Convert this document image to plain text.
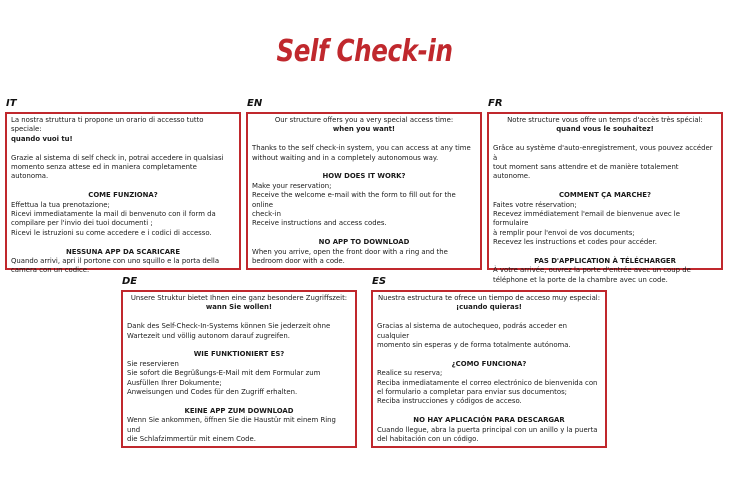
Self Check-in
IT

La nostra struttura ti propone un orario di accesso tutto speciale:

quando vuoi tu!

Grazie al sistema di self check in, potrai accedere in qualsiasi

momento senza attese ed in maniera completamente autonoma.

COME FUNZIONA?

Effettua la tua prenotazione;

Ricevi immediatamente la mail di benvenuto con il form da

compilare per l'invio dei tuoi documenti ;

Ricevi le istruzioni su come accedere e i codici di accesso.

NESSUNA APP DA SCARICARE

Quando arrivi, apri il portone con uno squillo e la porta della

camera con un codice.

EN

Our structure offers you a very special access time:

when you want!

Thanks to the self check-in system, you can access at any time

without waiting and in a completely autonomous way.

HOW DOES IT WORK?

Make your reservation;

Receive the welcome e-mail with the form to fill out for the online

check-in

Receive instructions and access codes.

NO APP TO DOWNLOAD

When you arrive, open the front door with a ring and the

bedroom door with a code.

FR

Notre structure vous offre un temps d'accès très spécial:

quand vous le souhaitez!

Grâce au système d'auto-enregistrement, vous pouvez accéder à

tout moment sans attendre et de manière totalement autonome.

COMMENT ÇA MARCHE?

Faites votre réservation;

Recevez immédiatement l'email de bienvenue avec le formulaire

à remplir pour l'envoi de vos documents;

Recevez les instructions et codes pour accéder.

PAS D'APPLICATION À TÉLÉCHARGER

À votre arrivée, ouvrez la porte d'entrée avec un coup de

téléphone et la porte de la chambre avec un code.

DE

Unsere Struktur bietet Ihnen eine ganz besondere Zugriffszeit:

wann Sie wollen!

Dank des Self-Check-In-Systems können Sie jederzeit ohne

Wartezeit und völlig autonom darauf zugreifen.

WIE FUNKTIONIERT ES?

Sie reservieren

Sie sofort die Begrüßungs-E-Mail mit dem Formular zum

Ausfüllen Ihrer Dokumente;

Anweisungen und Codes für den Zugriff erhalten.

KEINE APP ZUM DOWNLOAD

Wenn Sie ankommen, öffnen Sie die Haustür mit einem Ring und

die Schlafzimmertür mit einem Code.

ES

Nuestra estructura te ofrece un tiempo de acceso muy especial:

¡cuando quieras!

Gracias al sistema de autochequeo, podrás acceder en cualquier

momento sin esperas y de forma totalmente autónoma.

¿COMO FUNCIONA?

Realice su reserva;

Reciba inmediatamente el correo electrónico de bienvenida con

el formulario a completar para enviar sus documentos;

Reciba instrucciones y códigos de acceso.

NO HAY APLICACIÓN PARA DESCARGAR

Cuando llegue, abra la puerta principal con un anillo y la puerta

del habitación con un código.
